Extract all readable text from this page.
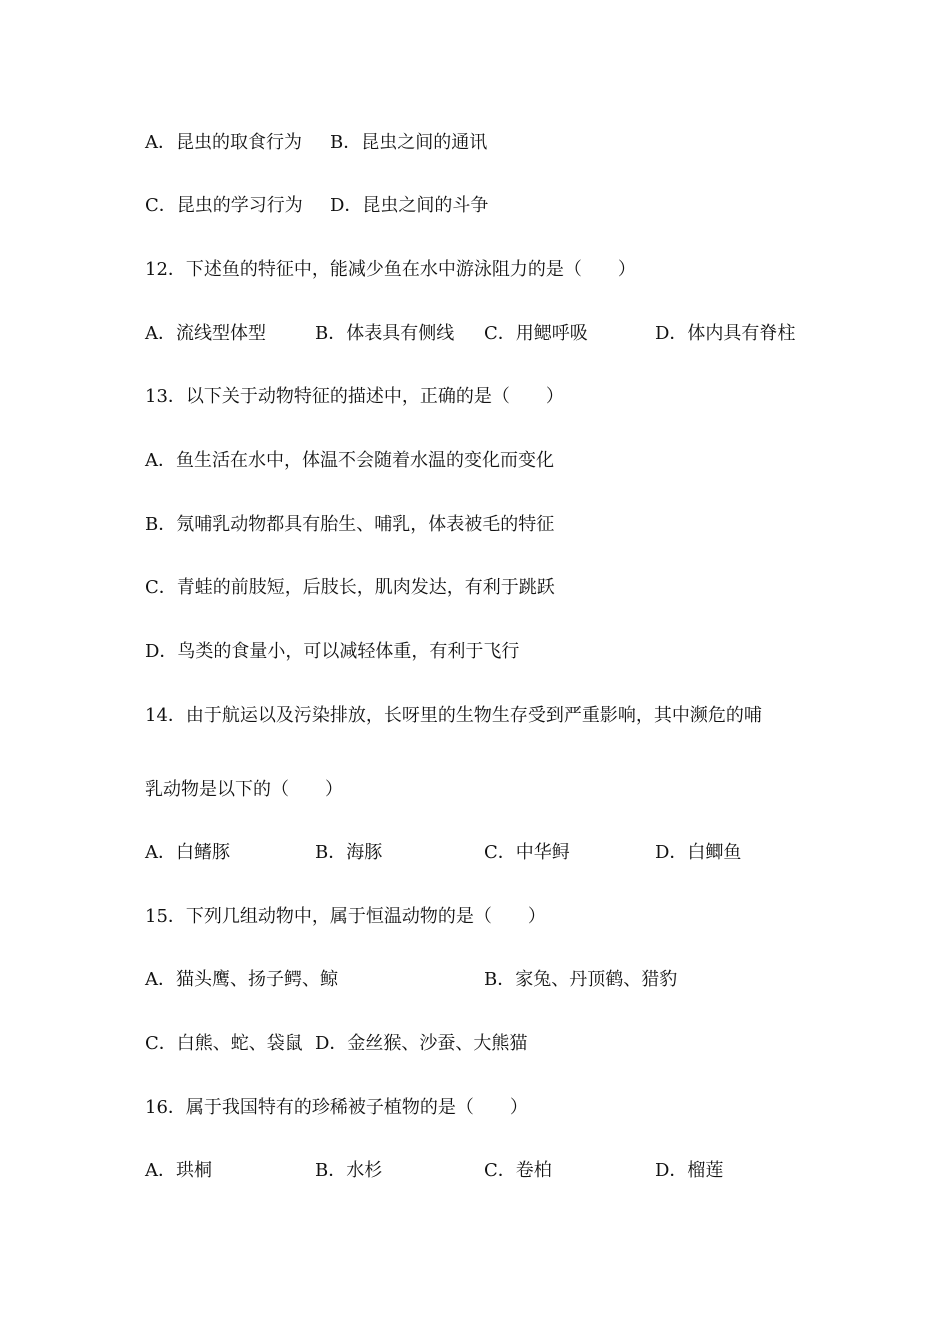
A．昆虫的取食行为 B．昆虫之间的通讯
C．昆虫的学习行为 D．昆虫之间的斗争
12．下述鱼的特征中，能减少鱼在水中游泳阻力的是（　　）
A．流线型体型	B．体表具有侧线 C．用鳃呼吸	D．体内具有脊柱
13．以下关于动物特征的描述中，正确的是（　　）
A．鱼生活在水中，体温不会随着水温的变化而变化
B．氖哺乳动物都具有胎生、哺乳，体表被毛的特征
C．青蛙的前肢短，后肢长，肌肉发达，有利于跳跃
D．鸟类的食量小，可以减轻体重，有利于飞行
14．由于航运以及污染排放，长呀里的生物生存受到严重影响，其中濒危的哺
乳动物是以下的（　　）
A．白鳍豚	B．海豚	C．中华鲟	D．白鲫鱼
15．下列几组动物中，属于恒温动物的是（　　）
A．猫头鹰、扬子鳄、鲸	B．家兔、丹顶鹤、猎豹
C．白熊、蛇、袋鼠 D．金丝猴、沙蚕、大熊猫
16．属于我国特有的珍稀被子植物的是（　　）
A．珙桐	B．水杉	C．卷柏	D．榴莲
